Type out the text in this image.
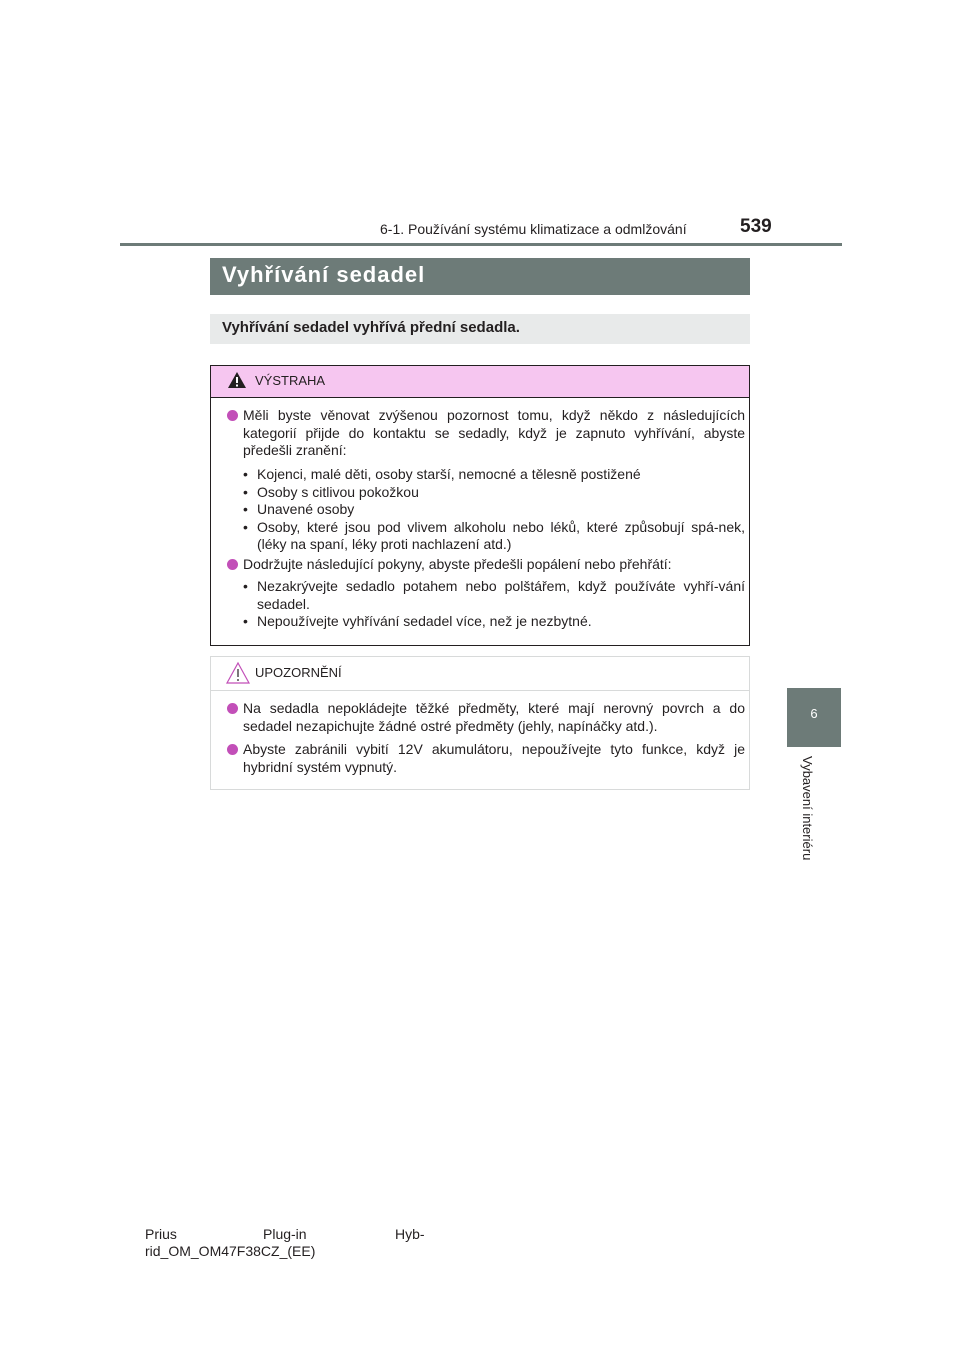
6-1. Používání systému klimatizace a odmlžování	539
6
Vybavení interiéru
Vyhřívání sedadel
Vyhřívání sedadel vyhřívá přední sedadla.
VÝSTRAHA
Měli byste věnovat zvýšenou pozornost tomu, když někdo z následujících kategorií přijde do kontaktu se sedadly, když je zapnuto vyhřívání, abyste předešli zranění:
• Kojenci, malé děti, osoby starší, nemocné a tělesně postižené
• Osoby s citlivou pokožkou
• Unavené osoby
• Osoby, které jsou pod vlivem alkoholu nebo léků, které způsobují spá-nek, (léky na spaní, léky proti nachlazení atd.)
Dodržujte následující pokyny, abyste předešli popálení nebo přehřátí:
• Nezakrývejte sedadlo potahem nebo polštářem, když používáte vyhří-vání sedadel.
• Nepoužívejte vyhřívání sedadel více, než je nezbytné.
UPOZORNĚNÍ
Na sedadla nepokládejte těžké předměty, které mají nerovný povrch a do sedadel nezapichujte žádné ostré předměty (jehly, napínáčky atd.).
Abyste zabránili vybití 12V akumulátoru, nepoužívejte tyto funkce, když je hybridní systém vypnutý.
Prius	Plug-in	Hyb-
rid_OM_OM47F38CZ_(EE)
